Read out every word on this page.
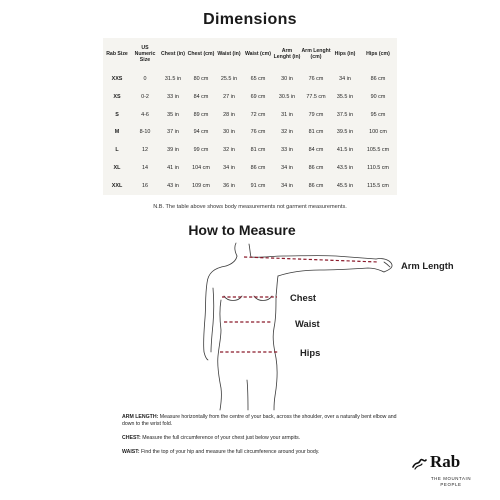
Dimensions
Rab Size	US Numeric Size	Chest (in)	Chest (cm)	Waist (in)	Waist (cm)	Arm Lenght (in)	Arm Lenght (cm)	Hips (in)	Hips (cm)
XXS	0	31.5 in	80 cm	25.5 in	65 cm	30 in	76 cm	34 in	86 cm
XS	0-2	33 in	84 cm	27 in	69 cm	30.5 in	77.5 cm	35.5 in	90 cm
S	4-6	35 in	89 cm	28 in	72 cm	31 in	79 cm	37.5 in	95 cm
M	8-10	37 in	94 cm	30 in	76 cm	32 in	81 cm	39.5 in	100 cm
L	12	39 in	99 cm	32 in	81 cm	33 in	84 cm	41.5 in	105.5 cm
XL	14	41 in	104 cm	34 in	86 cm	34 in	86 cm	43.5 in	110.5 cm
XXL	16	43 in	109 cm	36 in	91 cm	34 in	86 cm	45.5 in	115.5 cm
N.B. The table above shows body measurements not garment measurements.
How to Measure
Arm Length
Chest
Waist
Hips

ARM LENGTH: Measure horizontally from the centre of your back, across the shoulder, over a naturally bent elbow and down to the wrist fold.

CHEST: Measure the full circumference of your chest just below your armpits.

WAIST: Find the top of your hip and measure the full circumference around your body.

Rab
THE MOUNTAIN
PEOPLE
